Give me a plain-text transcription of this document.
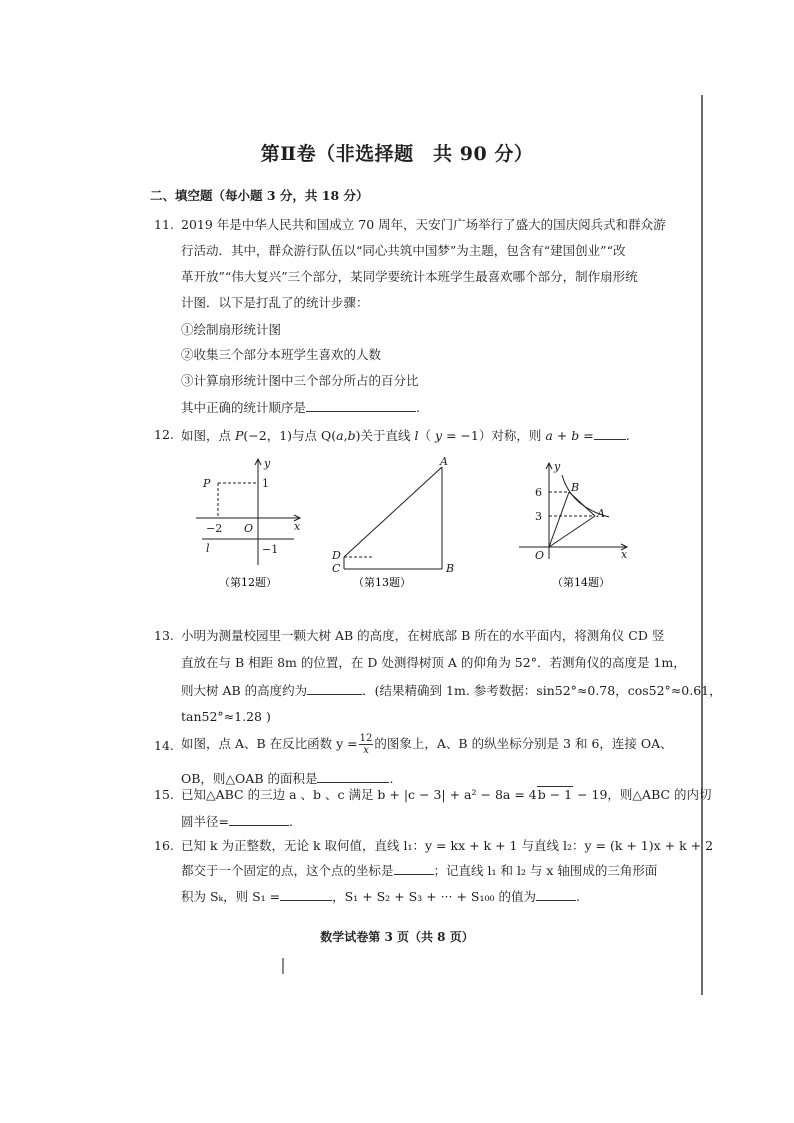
第Ⅱ卷（非选择题　共 90 分）
二、填空题（每小题 3 分，共 18 分）
11. 2019 年是中华人民共和国成立 70 周年，天安门广场举行了盛大的国庆阅兵式和群众游
行活动．其中，群众游行队伍以“同心共筑中国梦”为主题，包含有“建国创业”“改
革开放”“伟大复兴”三个部分，某同学要统计本班学生最喜欢哪个部分，制作扇形统
计图．以下是打乱了的统计步骤：
①绘制扇形统计图
②收集三个部分本班学生喜欢的人数
③计算扇形统计图中三个部分所占的百分比
其中正确的统计顺序是	.
12. 如图，点 P(−2，1)与点 Q(a,b)关于直线 l（ y = −1）对称，则 a + b =	.
y
x
P	1
−2 O
l	−1
（第12题）
A
B
D
C
（第13题）
y
x
O
B
A
6
3
（第14题）
13. 小明为测量校园里一颗大树 AB 的高度，在树底部 B 所在的水平面内，将测角仪 CD 竖
直放在与 B 相距 8m 的位置，在 D 处测得树顶 A 的仰角为 52°．若测角仪的高度是 1m，
则大树 AB 的高度约为	．(结果精确到 1m. 参考数据：sin52°≈0.78，cos52°≈0.61，
tan52°≈1.28 )
14. 如图，点 A、B 在反比函数 $y = \frac{12}{x}$ 的图象上，A、B 的纵坐标分别是 3 和 6，连接 OA、
OB，则△OAB 的面积是	.
15. 已知△ABC 的三边 a 、b 、c 满足 b + |c − 3| + a² − 8a = 4b − 1 − 19，则△ABC 的内切
圆半径=	.
16. 已知 k 为正整数，无论 k 取何值，直线 l₁：y = kx + k + 1 与直线 l₂：y = (k + 1)x + k + 2
都交于一个固定的点，这个点的坐标是	；记直线 l₁ 和 l₂ 与 x 轴围成的三角形面
积为 Sₖ，则 S₁ =	，S₁ + S₂ + S₃ + ··· + S₁₀₀ 的值为	.
数学试卷第 3 页（共 8 页）
